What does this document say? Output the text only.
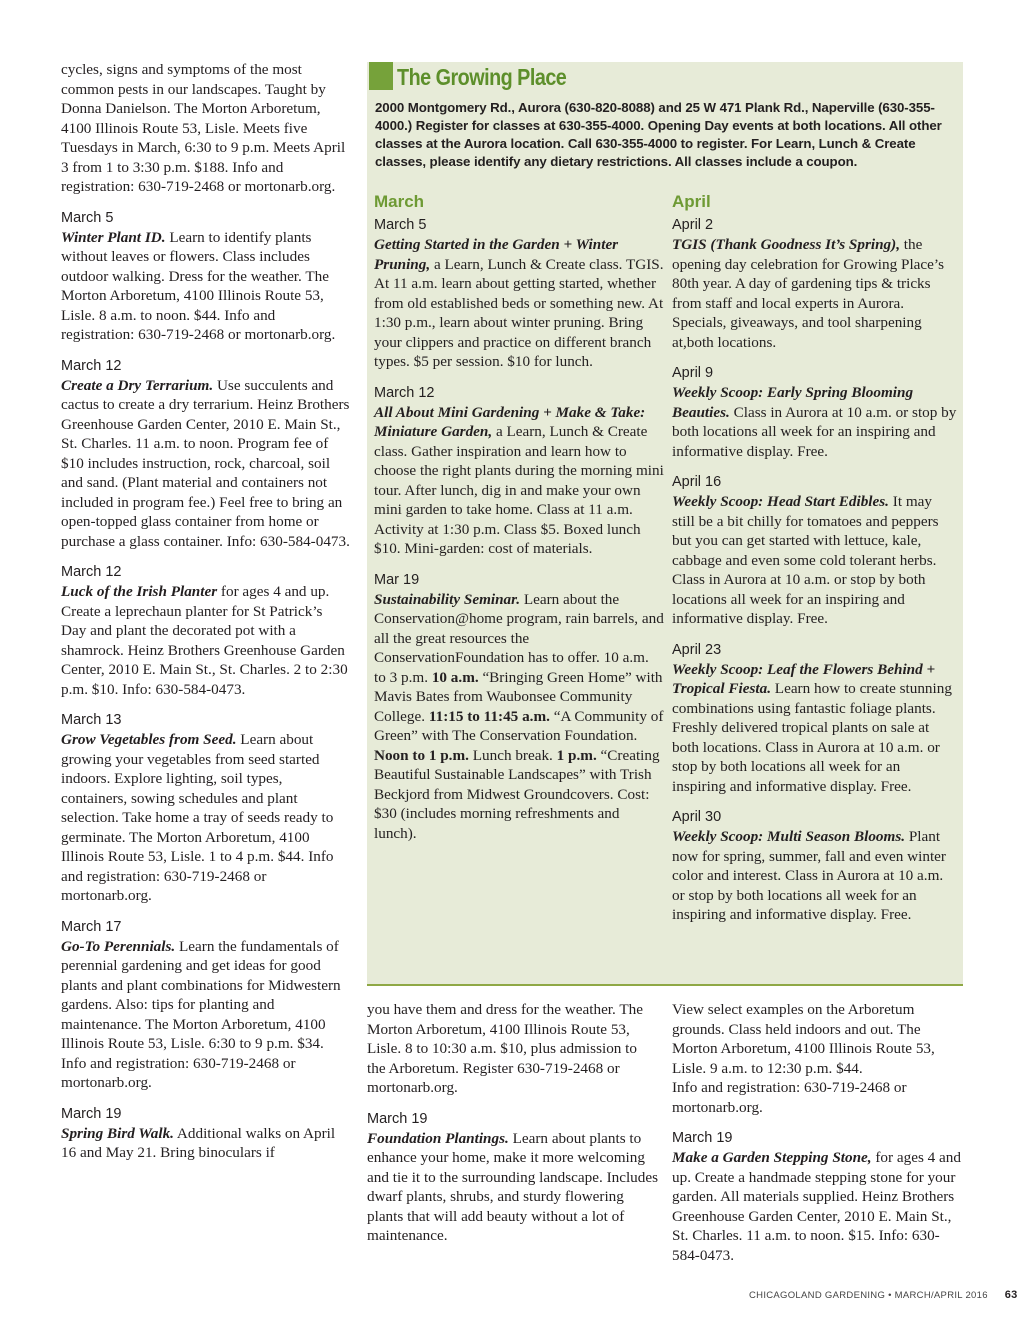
cycles, signs and symptoms of the most common pests in our landscapes. Taught by Donna Danielson. The Morton Arboretum, 4100 Illinois Route 53, Lisle. Meets five Tuesdays in March, 6:30 to 9 p.m. Meets April 3 from 1 to 3:30 p.m. $188. Info and registration: 630-719-2468 or mortonarb.org.

March 5

Winter Plant ID. Learn to identify plants without leaves or flowers. Class includes outdoor walking. Dress for the weather. The Morton Arboretum, 4100 Illinois Route 53, Lisle. 8 a.m. to noon. $44. Info and registration: 630-719-2468 or mortonarb.org.

March 12

Create a Dry Terrarium. Use succulents and cactus to create a dry terrarium. Heinz Brothers Greenhouse Garden Center, 2010 E. Main St., St. Charles. 11 a.m. to noon. Program fee of $10 includes instruction, rock, charcoal, soil and sand. (Plant material and containers not included in program fee.) Feel free to bring an open-topped glass container from home or purchase a glass container. Info: 630-584-0473.

March 12

Luck of the Irish Planter for ages 4 and up. Create a leprechaun planter for St Patrick’s Day and plant the decorated pot with a shamrock. Heinz Brothers Greenhouse Garden Center, 2010 E. Main St., St. Charles. 2 to 2:30 p.m. $10. Info: 630-584-0473.

March 13

Grow Vegetables from Seed. Learn about growing your vegetables from seed started indoors. Explore lighting, soil types, containers, sowing schedules and plant selection. Take home a tray of seeds ready to germinate. The Morton Arboretum, 4100 Illinois Route 53, Lisle. 1 to 4 p.m. $44. Info and registration: 630-719-2468 or mortonarb.org.

March 17

Go-To Perennials. Learn the fundamentals of perennial gardening and get ideas for good plants and plant combinations for Midwestern gardens. Also: tips for planting and maintenance. The Morton Arboretum, 4100 Illinois Route 53, Lisle. 6:30 to 9 p.m. $34. Info and registration: 630-719-2468 or mortonarb.org.

March 19

Spring Bird Walk. Additional walks on April 16 and May 21. Bring binoculars if

The Growing Place
2000 Montgomery Rd., Aurora (630-820-8088) and 25 W 471 Plank Rd., Naperville (630-355-4000.) Register for classes at 630-355-4000. Opening Day events at both locations. All other classes at the Aurora location. Call 630-355-4000 to register. For Learn, Lunch & Create classes, please identify any dietary restrictions. All classes include a coupon.
March
March 5

Getting Started in the Garden + Winter Pruning, a Learn, Lunch & Create class. TGIS. At 11 a.m. learn about getting started, whether from old established beds or something new. At 1:30 p.m., learn about winter pruning. Bring your clippers and practice on different branch types. $5 per session. $10 for lunch.

March 12

All About Mini Gardening + Make & Take: Miniature Garden, a Learn, Lunch & Create class. Gather inspiration and learn how to choose the right plants during the morning mini tour. After lunch, dig in and make your own mini garden to take home. Class at 11 a.m. Activity at 1:30 p.m. Class $5. Boxed lunch $10. Mini-garden: cost of materials.

Mar 19

Sustainability Seminar. Learn about the Conservation@home program, rain barrels, and all the great resources the ConservationFoundation has to offer. 10 a.m. to 3 p.m. 10 a.m. “Bringing Green Home” with Mavis Bates from Waubonsee Community College. 11:15 to 11:45 a.m. “A Community of Green” with The Conservation Foundation. Noon to 1 p.m. Lunch break. 1 p.m. “Creating Beautiful Sustainable Landscapes” with Trish Beckjord from Midwest Groundcovers. Cost: $30 (includes morning refreshments and lunch).

April
April 2

TGIS (Thank Goodness It’s Spring), the opening day celebration for Growing Place’s 80th year. A day of gardening tips & tricks from staff and local experts in Aurora. Specials, giveaways, and tool sharpening at,both locations.

April 9

Weekly Scoop: Early Spring Blooming Beauties. Class in Aurora at 10 a.m. or stop by both locations all week for an inspiring and informative display. Free.

April 16

Weekly Scoop: Head Start Edibles. It may still be a bit chilly for tomatoes and peppers but you can get started with lettuce, kale, cabbage and even some cold tolerant herbs. Class in Aurora at 10 a.m. or stop by both locations all week for an inspiring and informative display. Free.

April 23

Weekly Scoop: Leaf the Flowers Behind + Tropical Fiesta. Learn how to create stunning combinations using fantastic foliage plants. Freshly delivered tropical plants on sale at both locations. Class in Aurora at 10 a.m. or stop by both locations all week for an inspiring and informative display. Free.

April 30

Weekly Scoop: Multi Season Blooms. Plant now for spring, summer, fall and even winter color and interest. Class in Aurora at 10 a.m. or stop by both locations all week for an inspiring and informative display. Free.

you have them and dress for the weather. The Morton Arboretum, 4100 Illinois Route 53, Lisle. 8 to 10:30 a.m. $10, plus admission to the Arboretum. Register 630-719-2468 or mortonarb.org.

March 19

Foundation Plantings. Learn about plants to enhance your home, make it more welcoming and tie it to the surrounding landscape. Includes dwarf plants, shrubs, and sturdy flowering plants that will add beauty without a lot of maintenance.

View select examples on the Arboretum grounds. Class held indoors and out. The Morton Arboretum, 4100 Illinois Route 53, Lisle. 9 a.m. to 12:30 p.m. $44.

Info and registration: 630-719-2468 or mortonarb.org.

March 19

Make a Garden Stepping Stone, for ages 4 and up. Create a handmade stepping stone for your garden. All materials supplied. Heinz Brothers Greenhouse Garden Center, 2010 E. Main St., St. Charles. 11 a.m. to noon. $15. Info: 630-584-0473.

CHICAGOLAND GARDENING • MARCH/APRIL 2016 63
